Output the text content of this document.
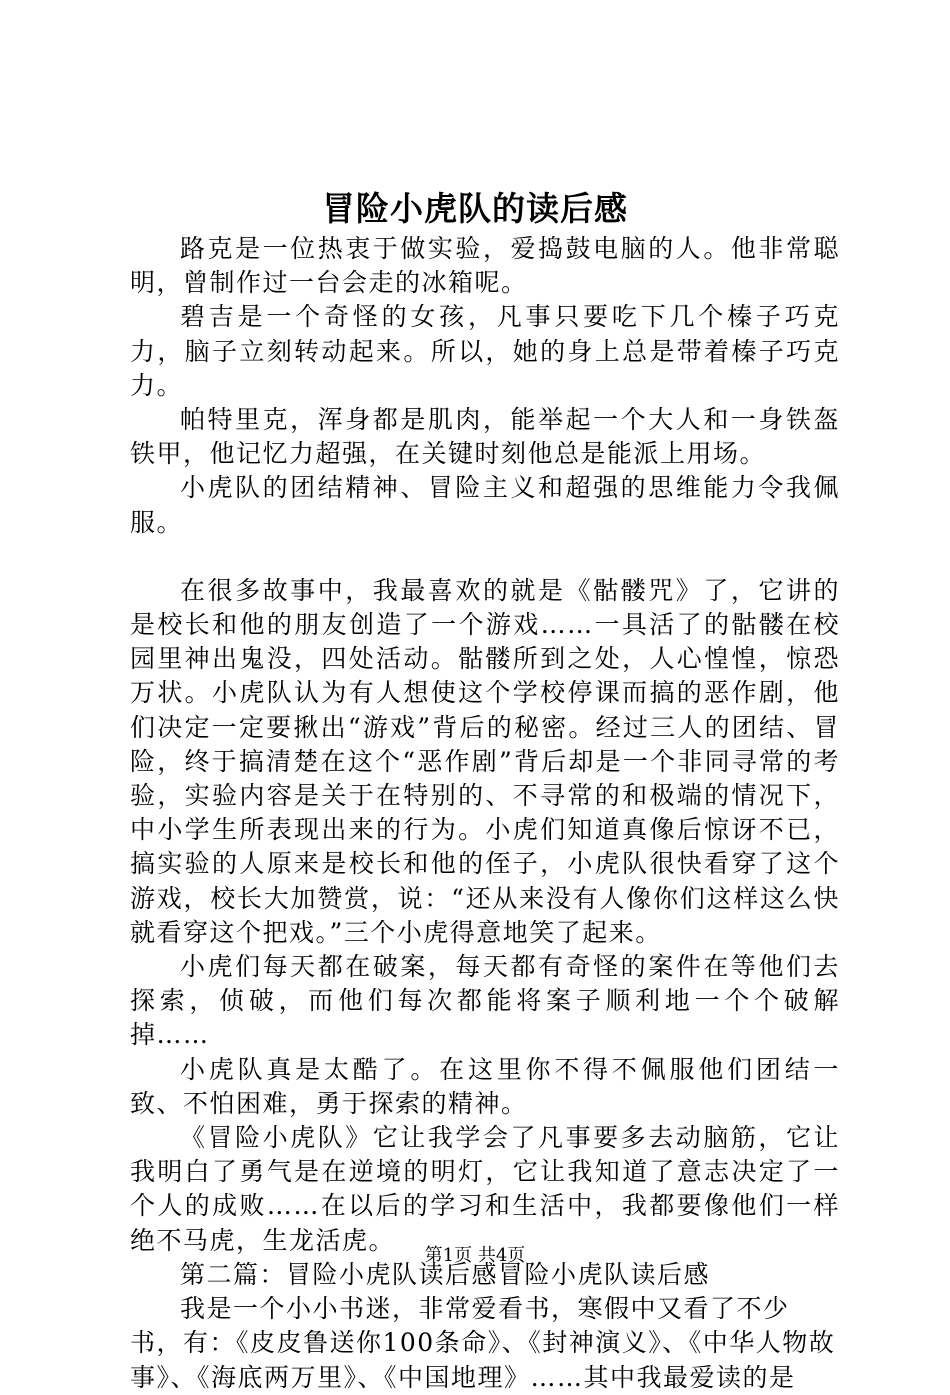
冒险小虎队的读后感

路克是一位热衷于做实验，爱捣鼓电脑的人。他非常聪明，曾制作过一台会走的冰箱呢。

碧吉是一个奇怪的女孩，凡事只要吃下几个榛子巧克力，脑子立刻转动起来。所以，她的身上总是带着榛子巧克力。

帕特里克，浑身都是肌肉，能举起一个大人和一身铁盔铁甲，他记忆力超强，在关键时刻他总是能派上用场。

小虎队的团结精神、冒险主义和超强的思维能力令我佩服。

在很多故事中，我最喜欢的就是《骷髅咒》了，它讲的是校长和他的朋友创造了一个游戏……一具活了的骷髅在校园里神出鬼没，四处活动。骷髅所到之处，人心惶惶，惊恐万状。小虎队认为有人想使这个学校停课而搞的恶作剧，他们决定一定要揪出“游戏”背后的秘密。经过三人的团结、冒险，终于搞清楚在这个“恶作剧”背后却是一个非同寻常的考验，实验内容是关于在特别的、不寻常的和极端的情况下，中小学生所表现出来的行为。小虎们知道真像后惊讶不已，搞实验的人原来是校长和他的侄子，小虎队很快看穿了这个游戏，校长大加赞赏，说：“还从来没有人像你们这样这么快就看穿这个把戏。”三个小虎得意地笑了起来。

小虎们每天都在破案，每天都有奇怪的案件在等他们去探索，侦破，而他们每次都能将案子顺利地一个个破解掉……

小虎队真是太酷了。在这里你不得不佩服他们团结一致、不怕困难，勇于探索的精神。

《冒险小虎队》它让我学会了凡事要多去动脑筋，它让我明白了勇气是在逆境的明灯，它让我知道了意志决定了一个人的成败……在以后的学习和生活中，我都要像他们一样绝不马虎，生龙活虎。

第二篇：冒险小虎队读后感冒险小虎队读后感

我是一个小小书迷，非常爱看书，寒假中又看了不少书，有：《皮皮鲁送你100条命》、《封神演义》、《中华人物故事》、《海底两万里》、《中国地理》……其中我最爱读的是

第1页 共4页
